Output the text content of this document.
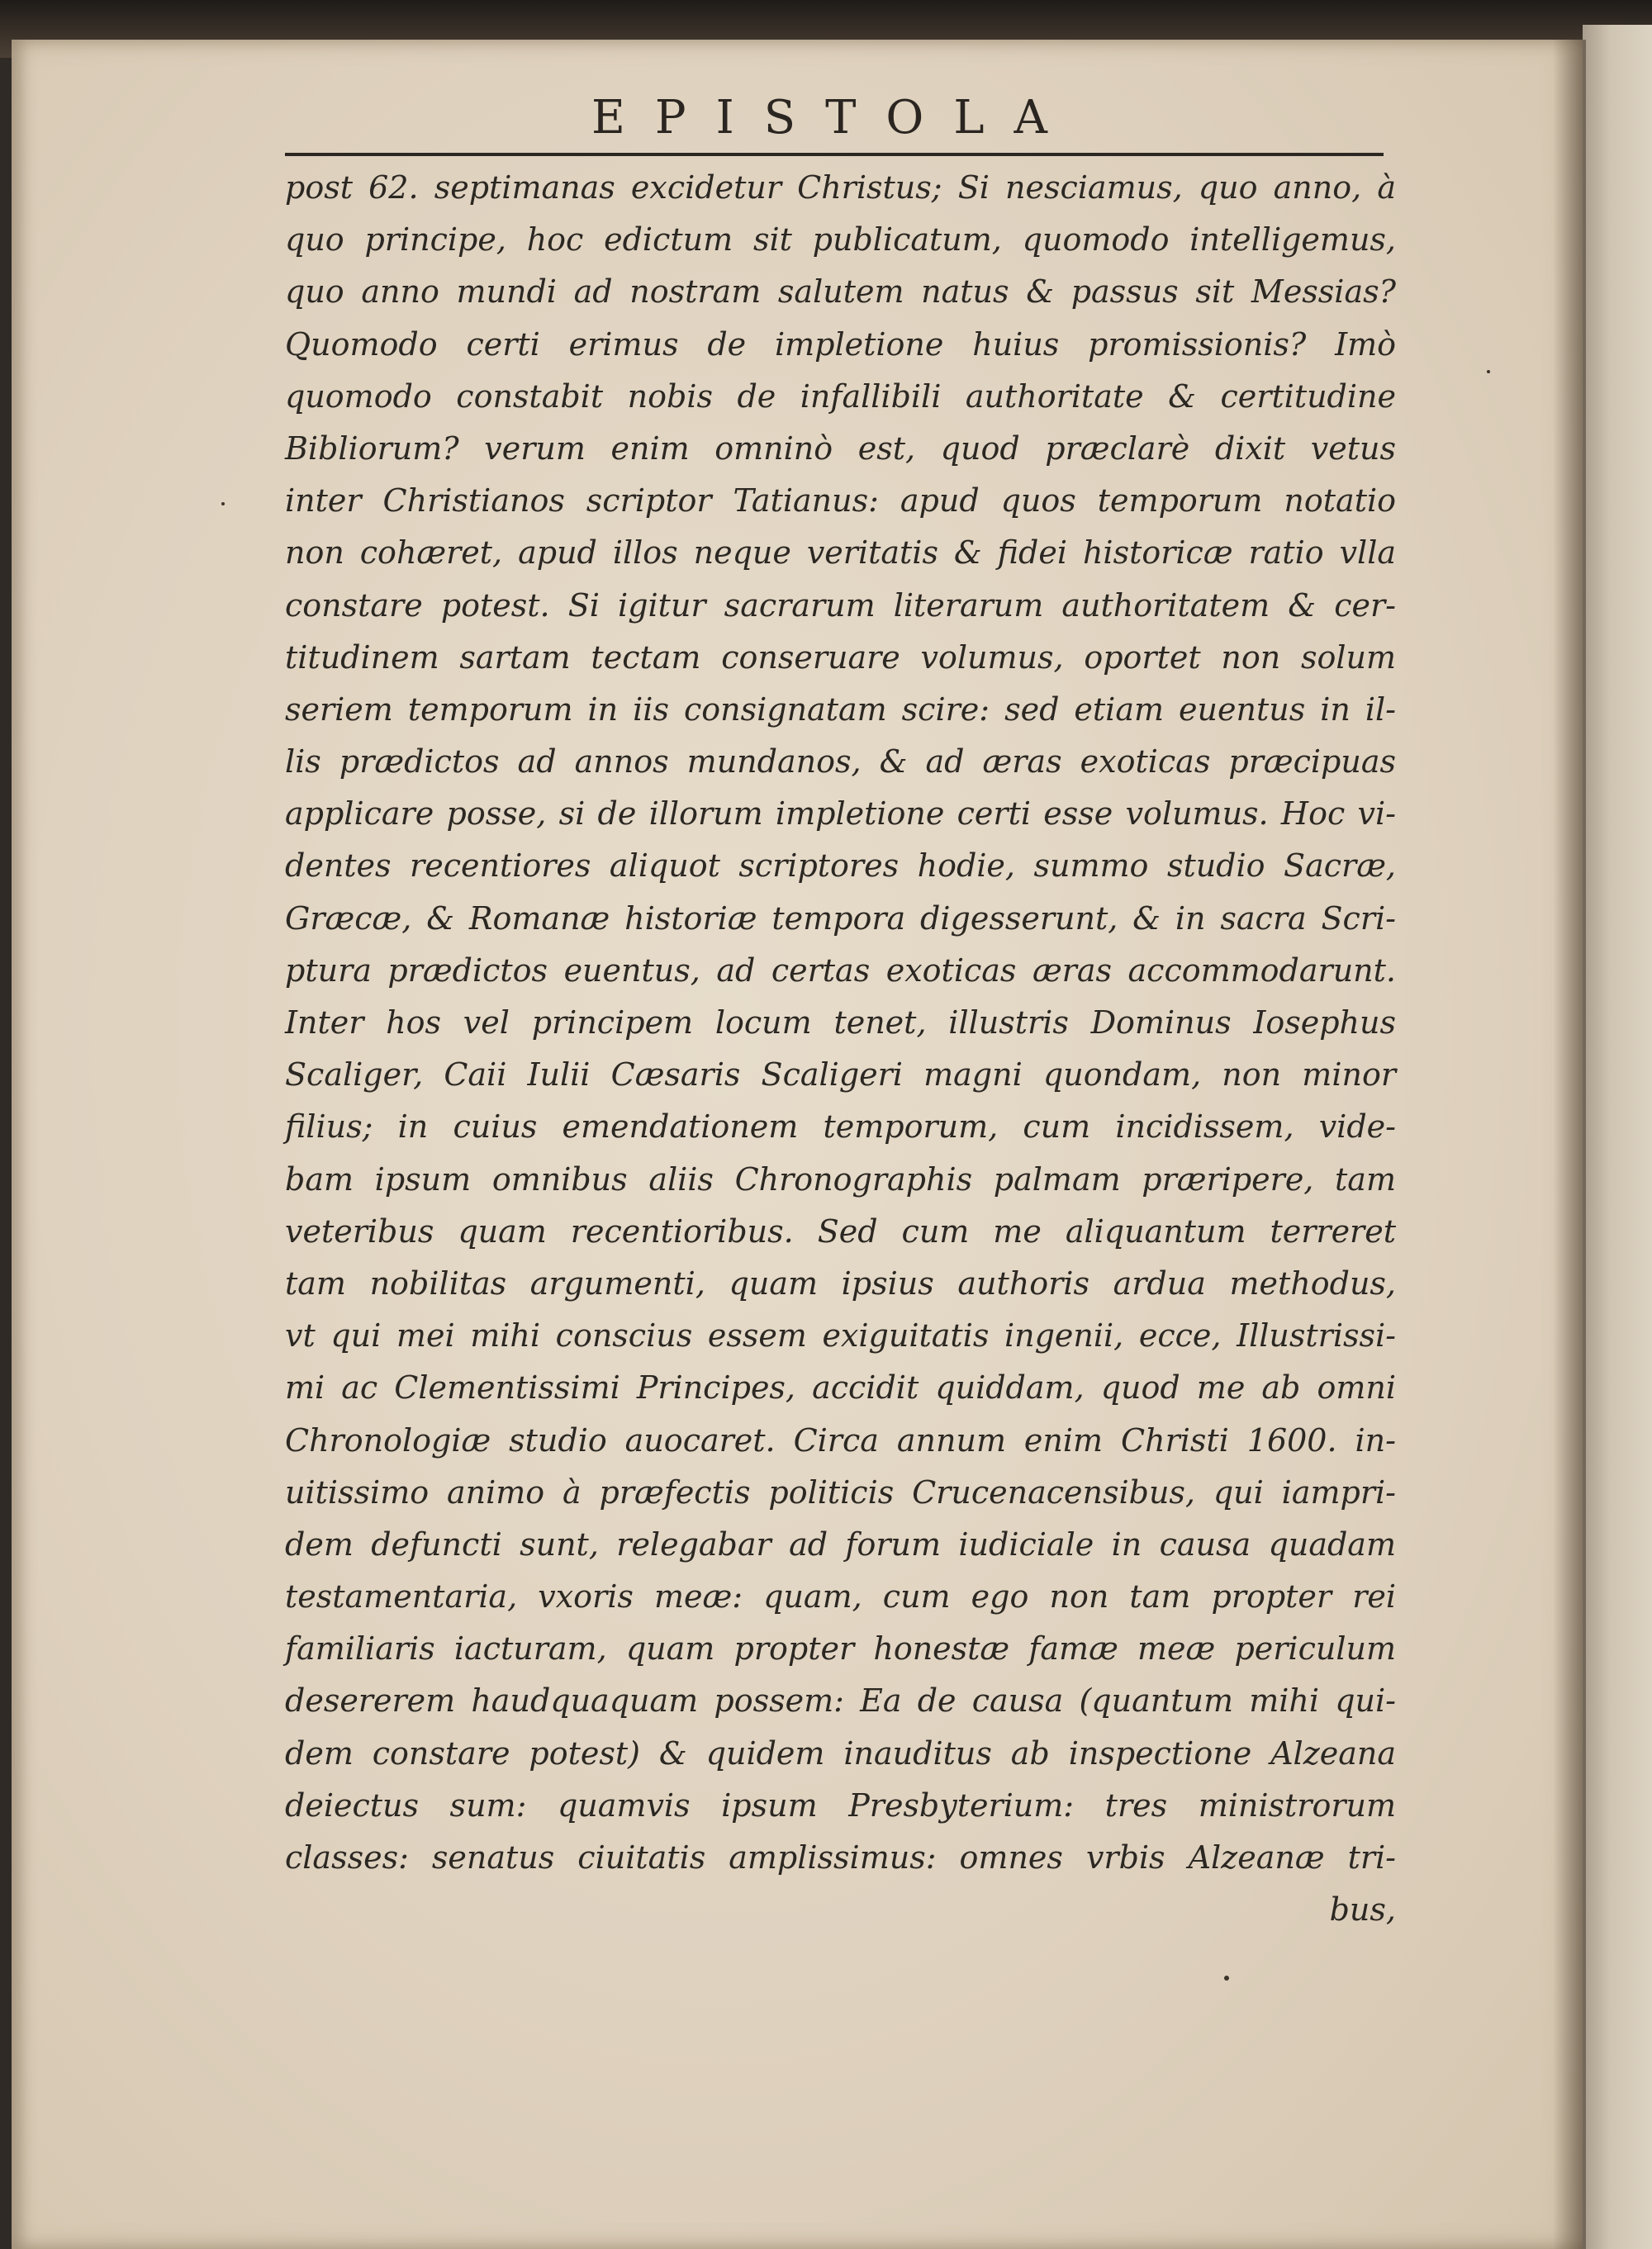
EPISTOLA
post 62. septimanas excidetur Christus; Si nesciamus, quo anno, à
quo principe, hoc edictum sit publicatum, quomodo intelligemus,
quo anno mundi ad nostram salutem natus & passus sit Messias?
Quomodo certi erimus de impletione huius promissionis? Imò
quomodo constabit nobis de infallibili authoritate & certitudine
Bibliorum? verum enim omninò est, quod præclarè dixit vetus
inter Christianos scriptor Tatianus: apud quos temporum notatio
non cohæret, apud illos neque veritatis & fidei historicæ ratio vlla
constare potest. Si igitur sacrarum literarum authoritatem & cer-
titudinem sartam tectam conseruare volumus, oportet non solum
seriem temporum in iis consignatam scire: sed etiam euentus in il-
lis prædictos ad annos mundanos, & ad æras exoticas præcipuas
applicare posse, si de illorum impletione certi esse volumus. Hoc vi-
dentes recentiores aliquot scriptores hodie, summo studio Sacræ,
Græcæ, & Romanæ historiæ tempora digesserunt, & in sacra Scri-
ptura prædictos euentus, ad certas exoticas æras accommodarunt.
Inter hos vel principem locum tenet, illustris Dominus Iosephus
Scaliger, Caii Iulii Cæsaris Scaligeri magni quondam, non minor
filius; in cuius emendationem temporum, cum incidissem, vide-
bam ipsum omnibus aliis Chronographis palmam præripere, tam
veteribus quam recentioribus. Sed cum me aliquantum terreret
tam nobilitas argumenti, quam ipsius authoris ardua methodus,
vt qui mei mihi conscius essem exiguitatis ingenii, ecce, Illustrissi-
mi ac Clementissimi Principes, accidit quiddam, quod me ab omni
Chronologiæ studio auocaret. Circa annum enim Christi 1600. in-
uitissimo animo à præfectis politicis Crucenacensibus, qui iampri-
dem defuncti sunt, relegabar ad forum iudiciale in causa quadam
testamentaria, vxoris meæ: quam, cum ego non tam propter rei
familiaris iacturam, quam propter honestæ famæ meæ periculum
desererem haudquaquam possem: Ea de causa (quantum mihi qui-
dem constare potest) & quidem inauditus ab inspectione Alzeana
deiectus sum: quamvis ipsum Presbyterium: tres ministrorum
classes: senatus ciuitatis amplissimus: omnes vrbis Alzeanæ tri-
bus,
